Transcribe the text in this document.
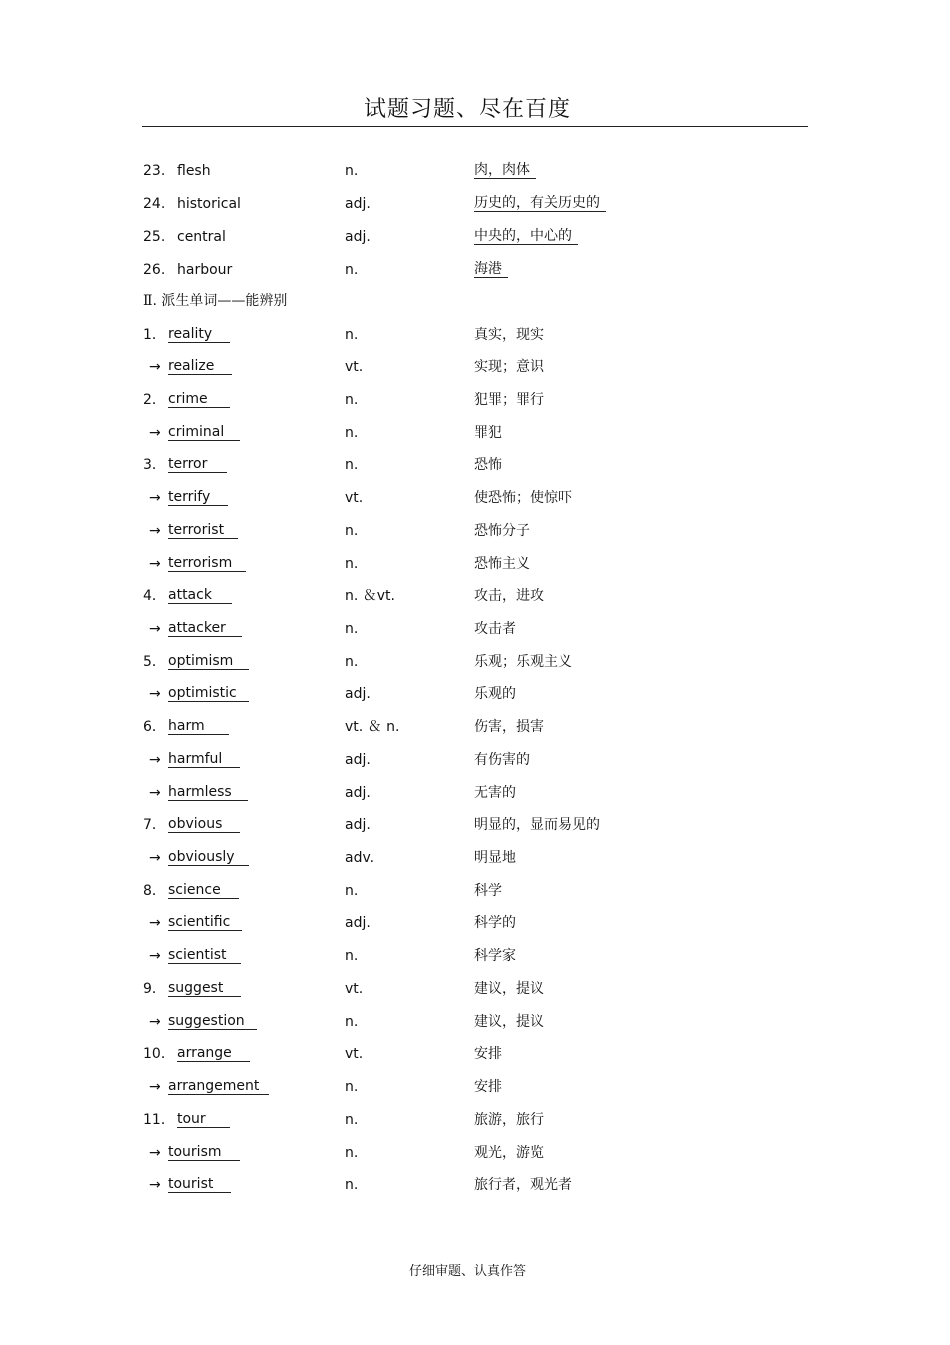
试题习题、尽在百度
23. flesh	n.	肉，肉体
24. historical	adj.	历史的，有关历史的
25. central	adj.	中央的，中心的
26. harbour	n.	海港
Ⅱ. 派生单词——能辨别
1． reality	n.	真实，现实
→ realize	vt.	实现；意识
2． crime	n.	犯罪；罪行
→ criminal	n.	罪犯
3． terror	n.	恐怖
→ terrify	vt.	使恐怖；使惊吓
→ terrorist	n.	恐怖分子
→ terrorism	n.	恐怖主义
4． attack	n. ＆vt.	攻击，进攻
→ attacker	n.	攻击者
5． optimism	n.	乐观；乐观主义
→ optimistic	adj.	乐观的
6． harm	vt. ＆ n.	伤害，损害
→ harmful	adj.	有伤害的
→ harmless	adj.	无害的
7． obvious	adj.	明显的，显而易见的
→ obviously	adv.	明显地
8． science	n.	科学
→ scientific	adj.	科学的
→ scientist	n.	科学家
9． suggest	vt.	建议，提议
→ suggestion	n.	建议，提议
10． arrange	vt.	安排
→ arrangement	n.	安排
11． tour	n.	旅游，旅行
→ tourism	n.	观光，游览
→ tourist	n.	旅行者，观光者
仔细审题、认真作答
